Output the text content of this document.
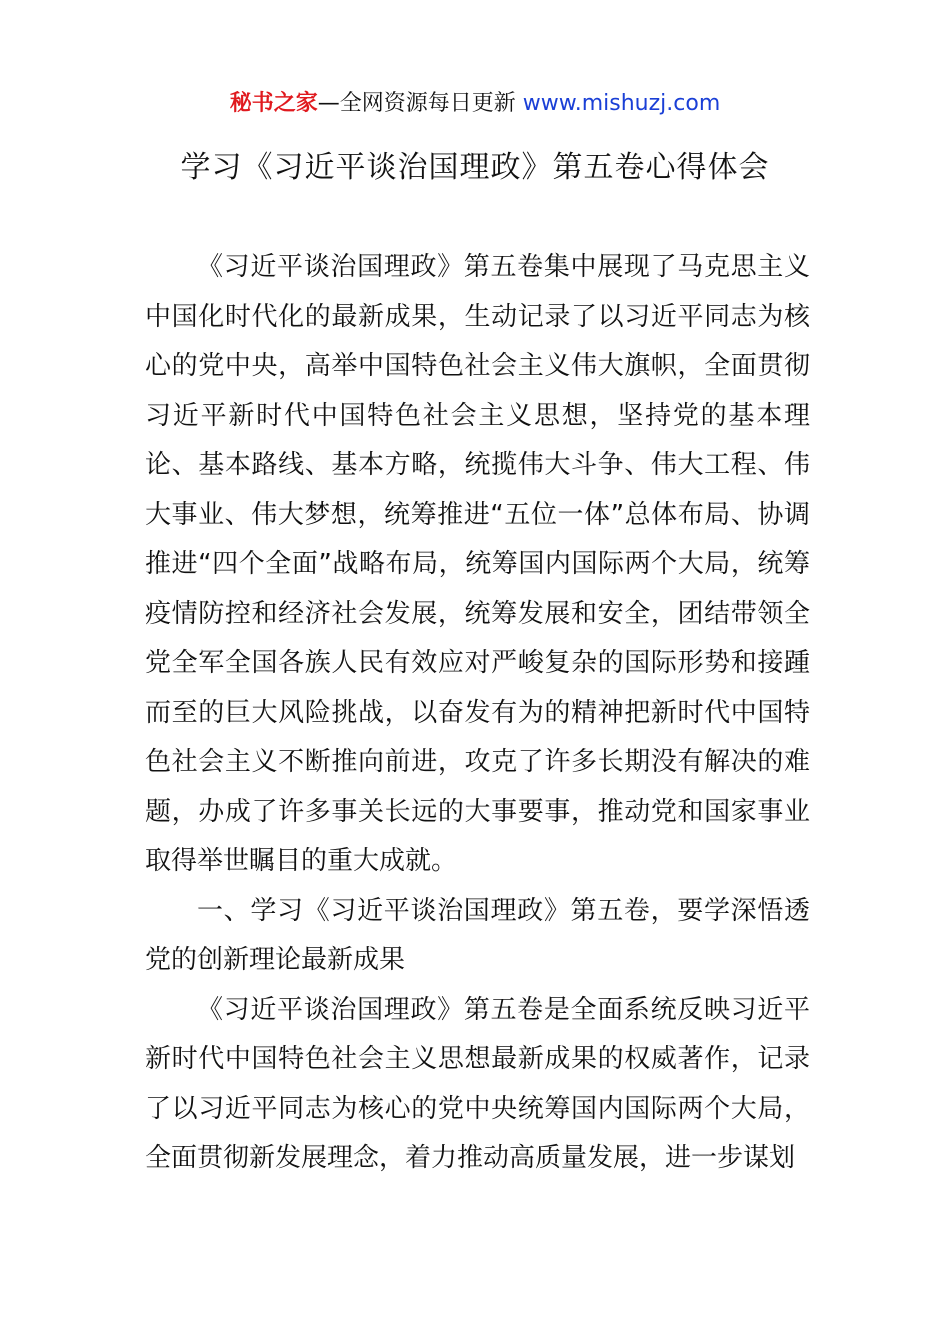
秘书之家—全网资源每日更新 www.mishuzj.com
学习《习近平谈治国理政》第五卷心得体会

《习近平谈治国理政》第五卷集中展现了马克思主义中国化时代化的最新成果，生动记录了以习近平同志为核心的党中央，高举中国特色社会主义伟大旗帜，全面贯彻习近平新时代中国特色社会主义思想，坚持党的基本理论、基本路线、基本方略，统揽伟大斗争、伟大工程、伟大事业、伟大梦想，统筹推进“五位一体”总体布局、协调推进“四个全面”战略布局，统筹国内国际两个大局，统筹疫情防控和经济社会发展，统筹发展和安全，团结带领全党全军全国各族人民有效应对严峻复杂的国际形势和接踵而至的巨大风险挑战，以奋发有为的精神把新时代中国特色社会主义不断推向前进，攻克了许多长期没有解决的难题，办成了许多事关长远的大事要事，推动党和国家事业取得举世瞩目的重大成就。

一、学习《习近平谈治国理政》第五卷，要学深悟透党的创新理论最新成果

《习近平谈治国理政》第五卷是全面系统反映习近平新时代中国特色社会主义思想最新成果的权威著作，记录了以习近平同志为核心的党中央统筹国内国际两个大局，全面贯彻新发展理念，着力推动高质量发展，进一步谋划
